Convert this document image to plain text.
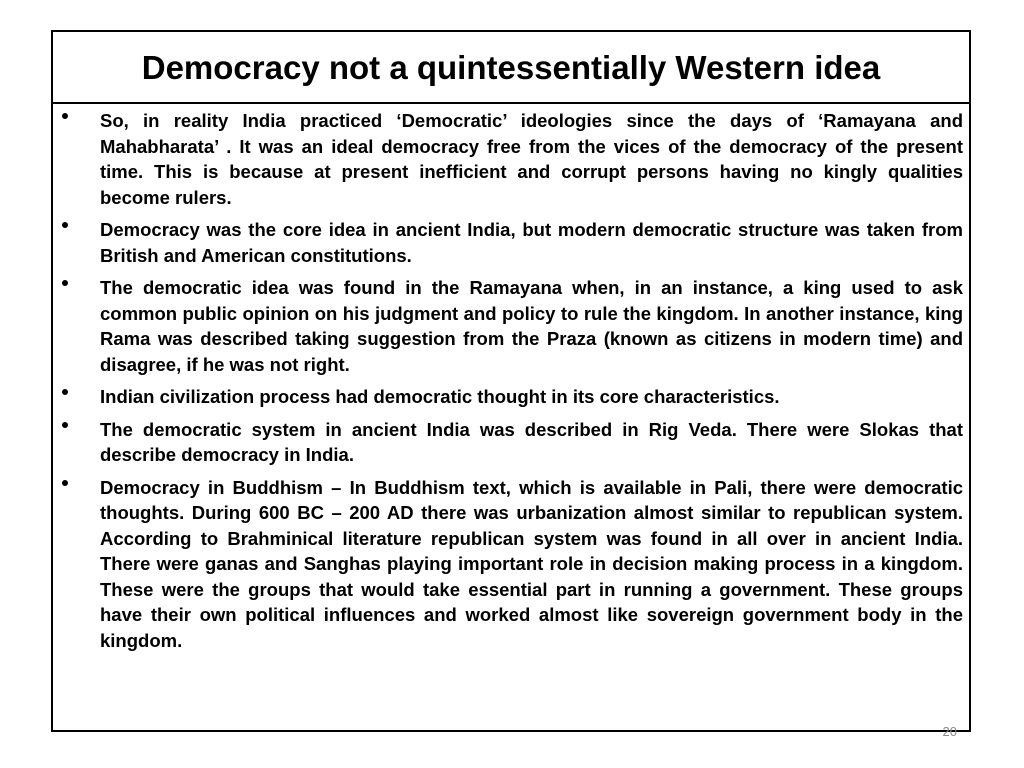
Democracy not a quintessentially Western idea
So, in reality India practiced ‘Democratic’ ideologies since the days of ‘Ramayana and Mahabharata’ . It was an ideal democracy free from the vices of the democracy of the present time. This is because at present inefficient and corrupt persons having no kingly qualities become rulers.
Democracy was the core idea in ancient India, but modern democratic structure was taken from British and American constitutions.
The democratic idea was found in the Ramayana when, in an instance, a king used to ask common public opinion on his judgment and policy to rule the kingdom. In another instance, king Rama was described taking suggestion from the Praza (known as citizens in modern time) and disagree, if he was not right.
Indian civilization process had democratic thought in its core characteristics.
The democratic system in ancient India was described in Rig Veda. There were Slokas that describe democracy in India.
Democracy in Buddhism – In Buddhism text, which is available in Pali, there were democratic thoughts. During 600 BC – 200 AD there was urbanization almost similar to republican system. According to Brahminical literature republican system was found in all over in ancient India. There were ganas and Sanghas playing important role in decision making process in a kingdom. These were the groups that would take essential part in running a government. These groups have their own political influences and worked almost like sovereign government body in the kingdom.
20
